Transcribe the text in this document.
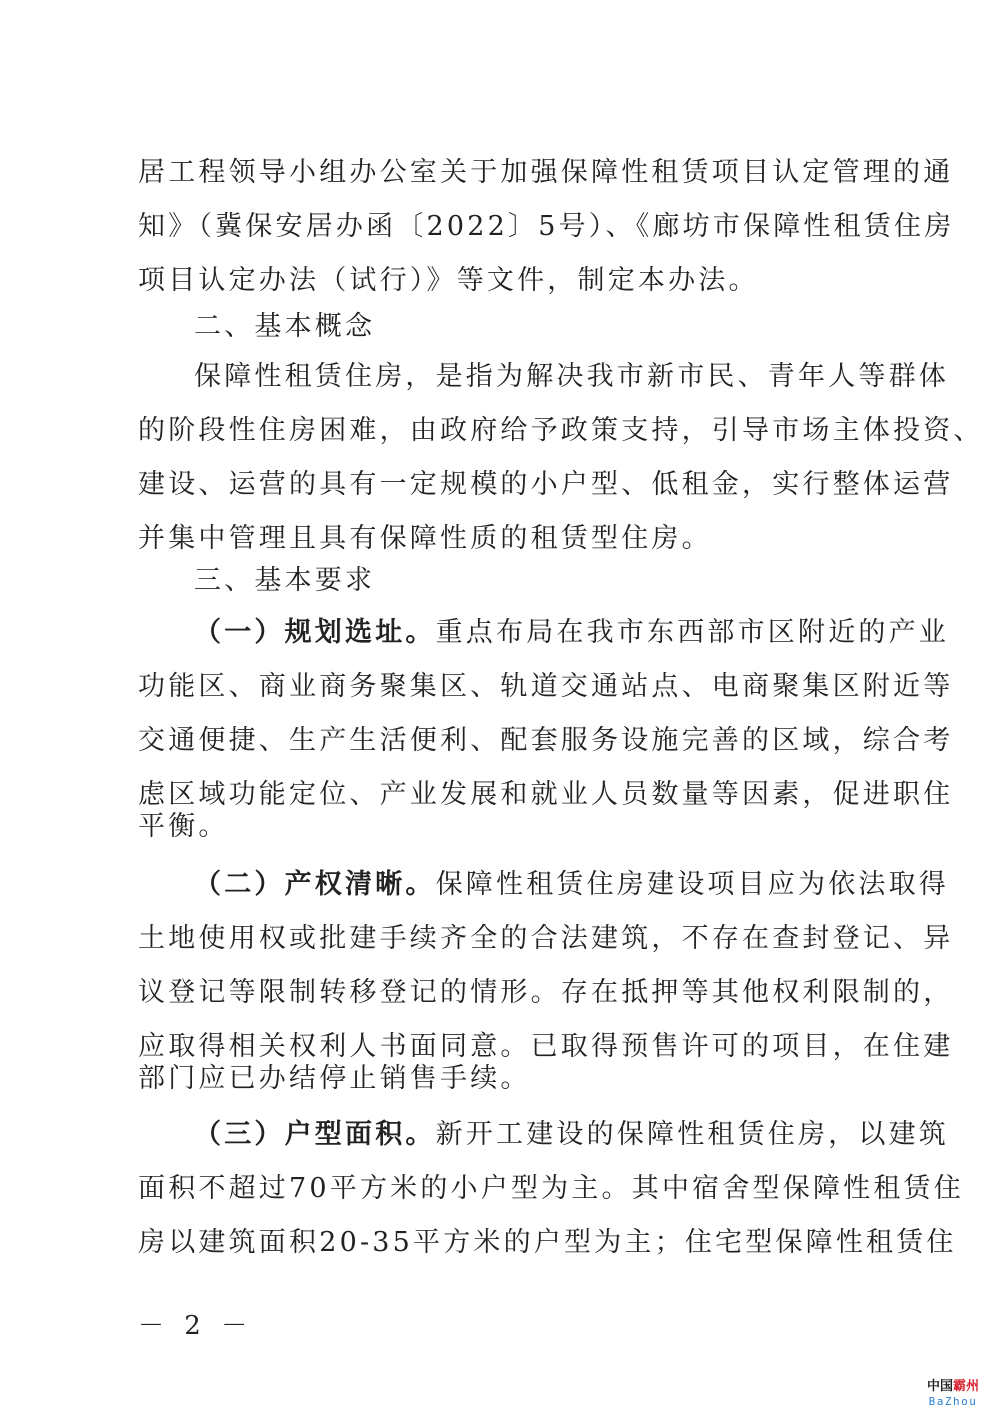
居工程领导小组办公室关于加强保障性租赁项目认定管理的通
知》（冀保安居办函〔2022〕5号）、《廊坊市保障性租赁住房
项目认定办法（试行）》等文件，制定本办法。
二、基本概念
保障性租赁住房，是指为解决我市新市民、青年人等群体
的阶段性住房困难，由政府给予政策支持，引导市场主体投资、
建设、运营的具有一定规模的小户型、低租金，实行整体运营
并集中管理且具有保障性质的租赁型住房。
三、基本要求
（一）规划选址。重点布局在我市东西部市区附近的产业
功能区、商业商务聚集区、轨道交通站点、电商聚集区附近等
交通便捷、生产生活便利、配套服务设施完善的区域，综合考
虑区域功能定位、产业发展和就业人员数量等因素，促进职住
平衡。
（二）产权清晰。保障性租赁住房建设项目应为依法取得
土地使用权或批建手续齐全的合法建筑，不存在查封登记、异
议登记等限制转移登记的情形。存在抵押等其他权利限制的，
应取得相关权利人书面同意。已取得预售许可的项目，在住建
部门应已办结停止销售手续。
（三）户型面积。新开工建设的保障性租赁住房，以建筑
面积不超过70平方米的小户型为主。其中宿舍型保障性租赁住
房以建筑面积20-35平方米的户型为主；住宅型保障性租赁住
－ 2 －
中国霸州
BaZhou
